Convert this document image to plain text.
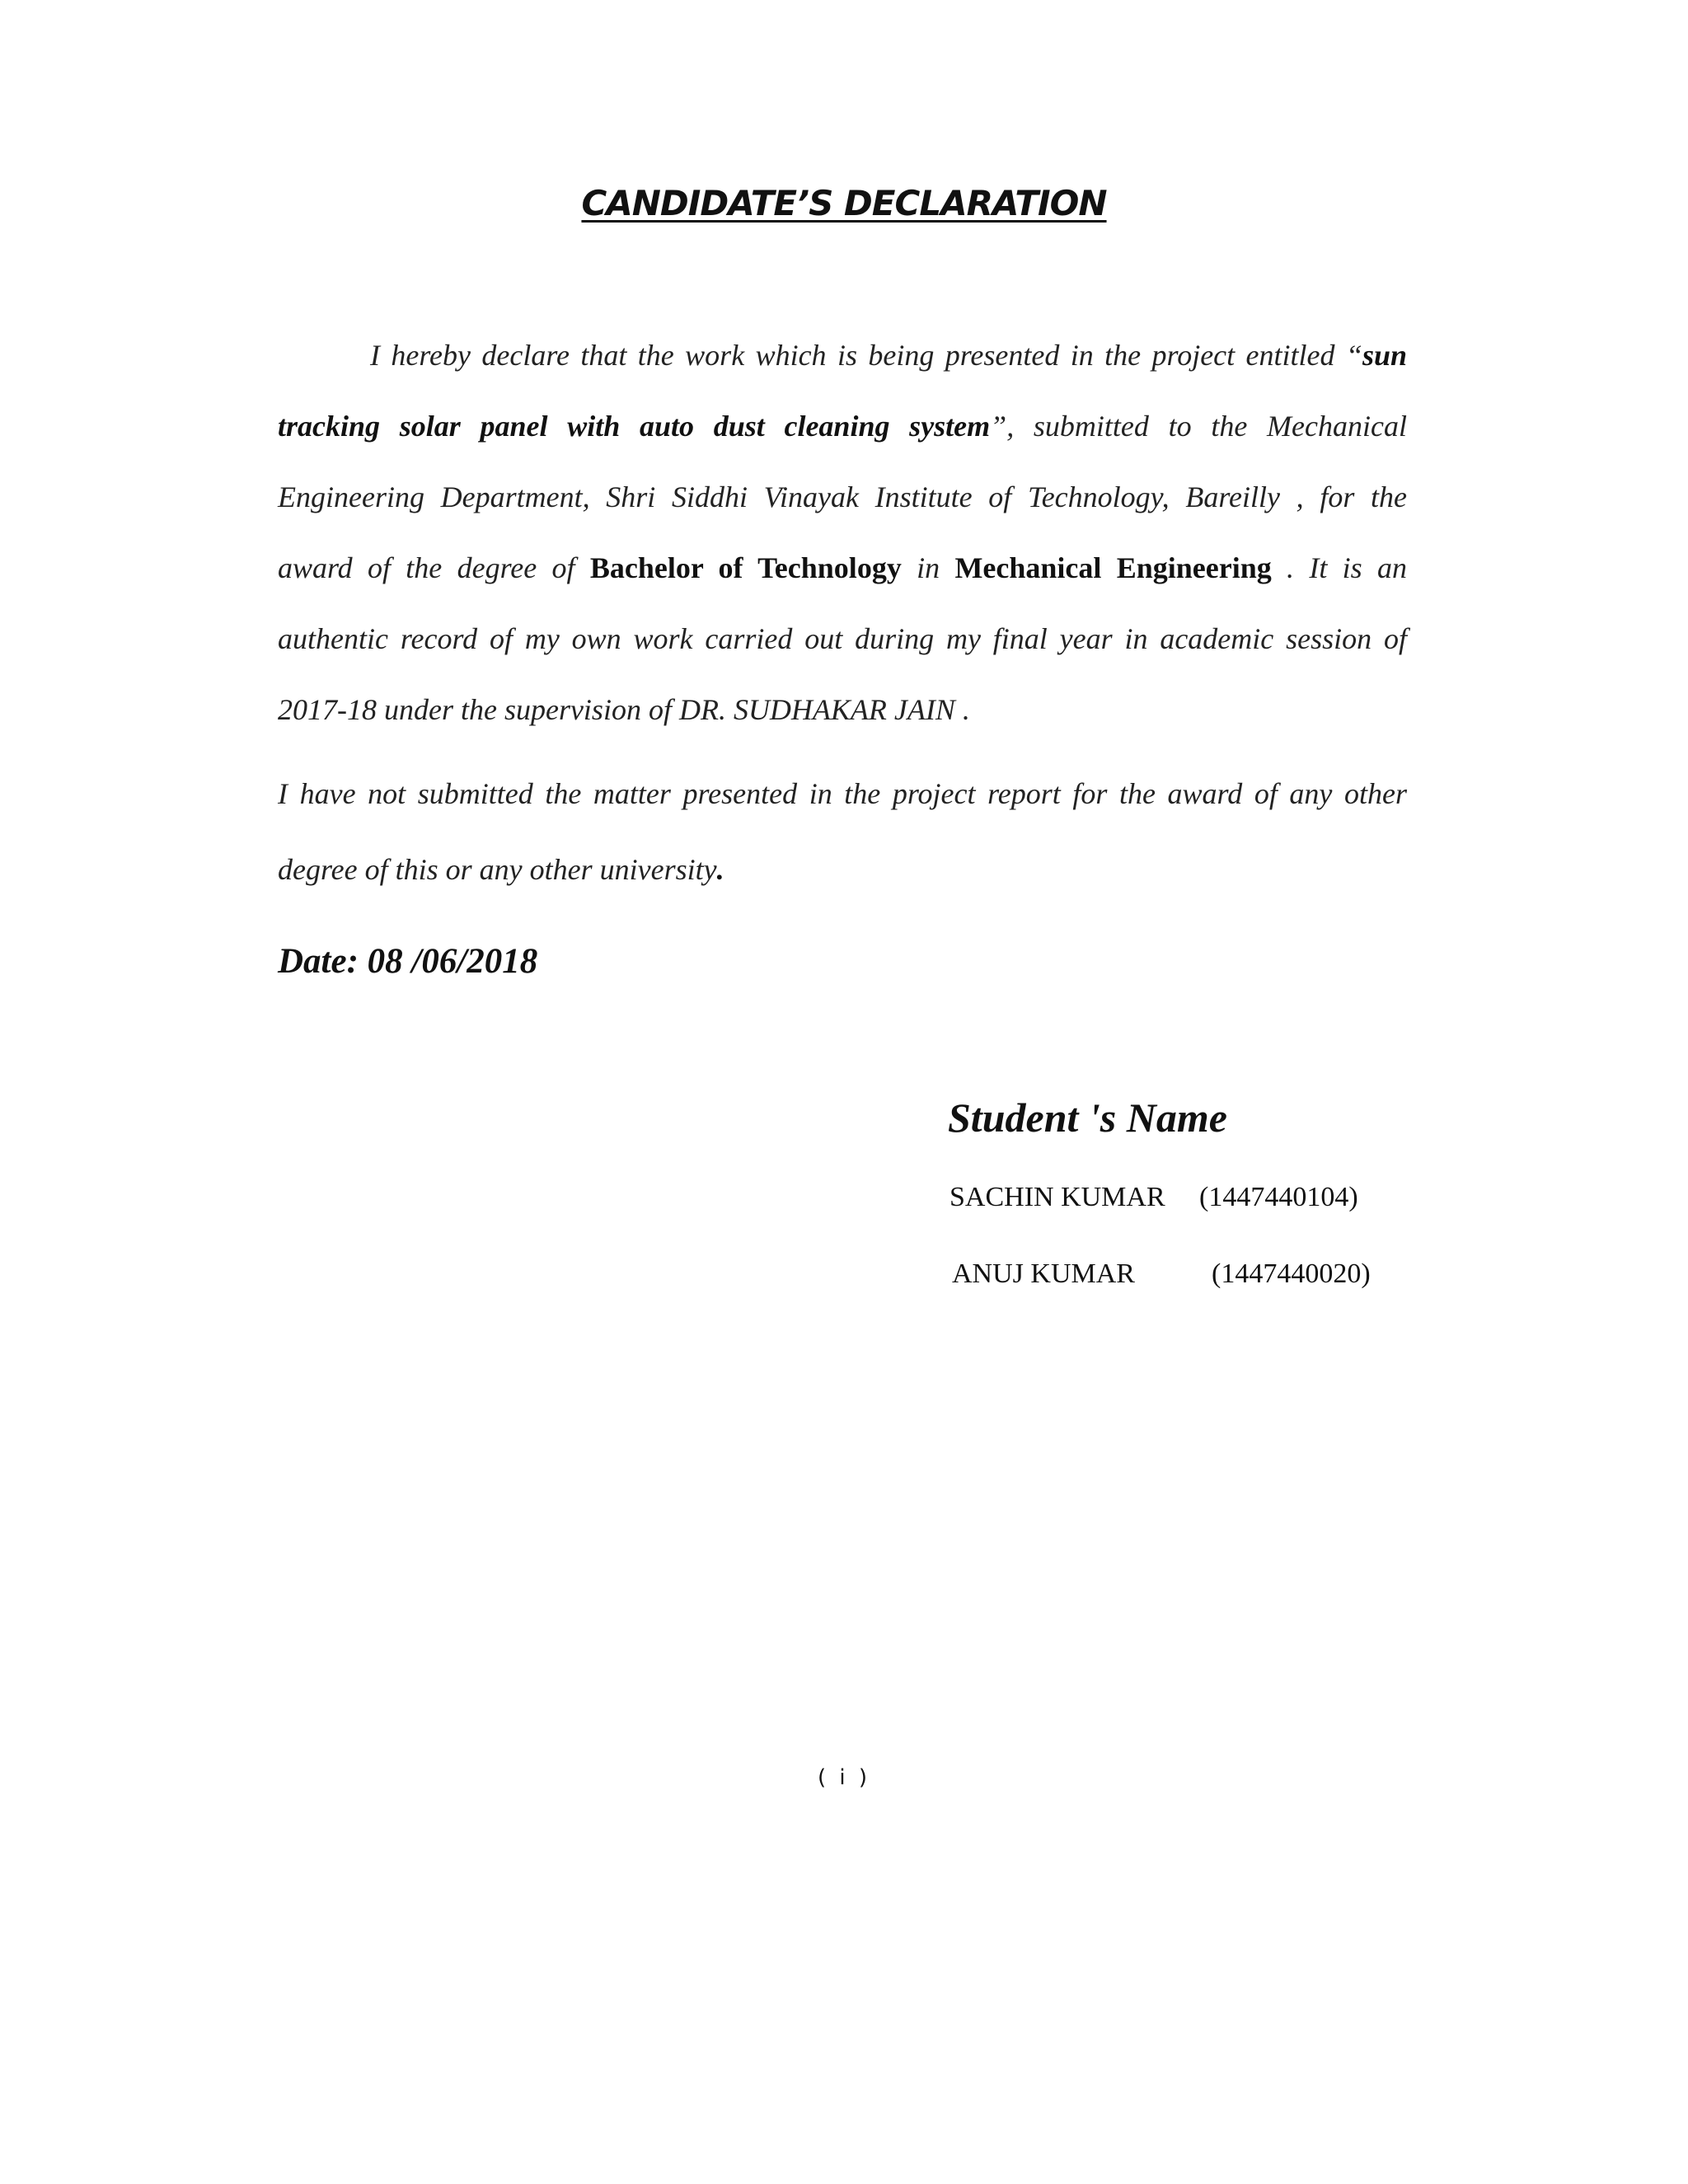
CANDIDATE’S DECLARATION
I hereby declare that the work which is being presented in the project entitled “sun
tracking solar panel with auto dust cleaning system”, submitted to the Mechanical
Engineering Department, Shri Siddhi Vinayak Institute of Technology, Bareilly , for the
award of the degree of Bachelor of Technology in Mechanical Engineering . It is an
authentic record of my own work carried out during my final year in academic session of
2017-18 under the supervision of DR. SUDHAKAR JAIN .
I have not submitted the matter presented in the project report for the award of any other
degree of this or any other university.
Date: 08 /06/2018
Student 's Name
SACHIN KUMAR (1447440104)
ANUJ KUMAR	(1447440020)
( i )
